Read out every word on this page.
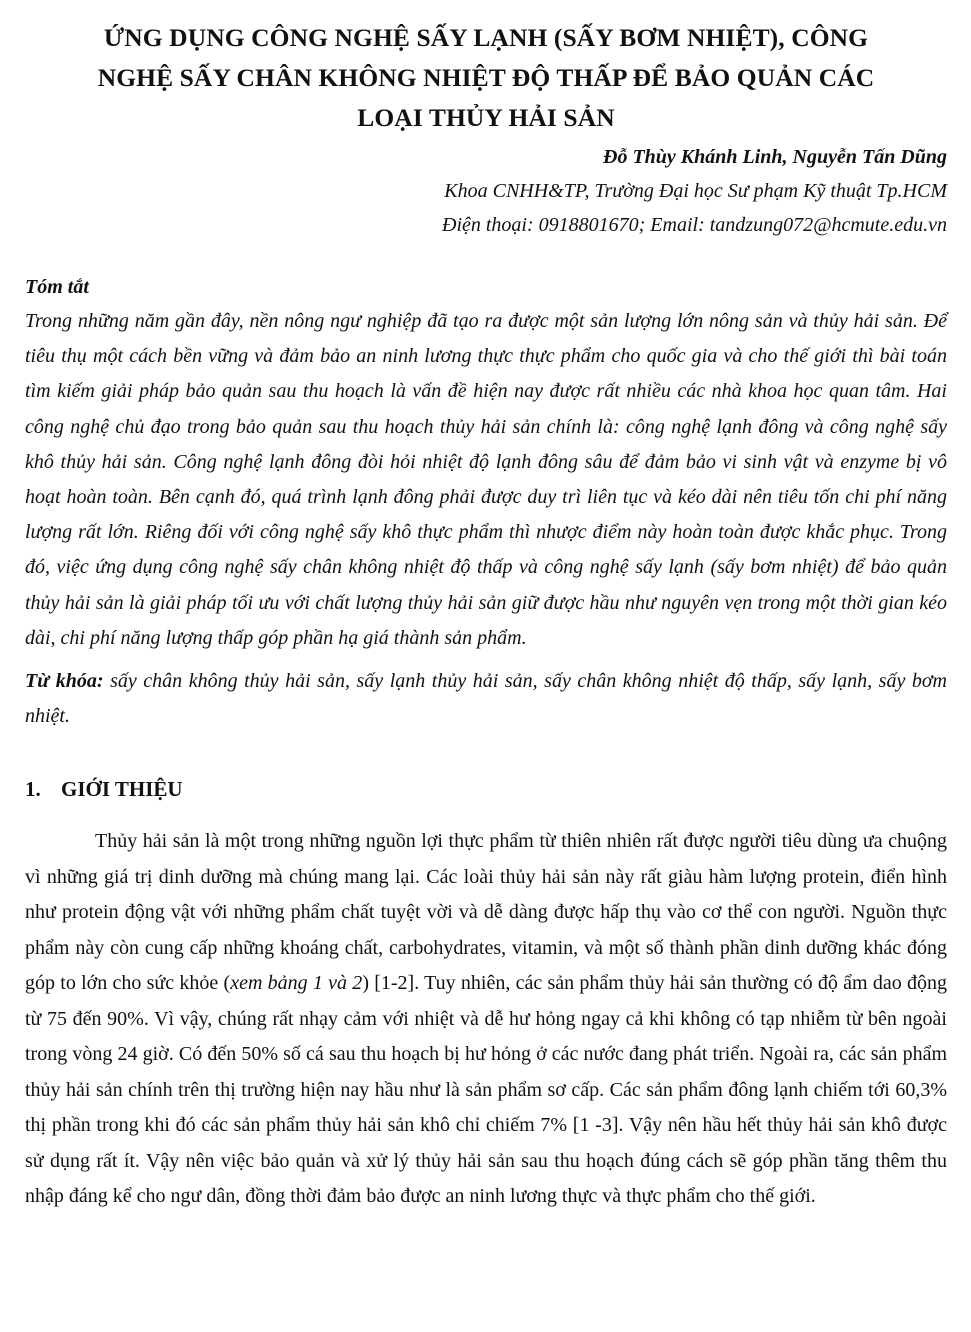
ỨNG DỤNG CÔNG NGHỆ SẤY LẠNH (SẤY BƠM NHIỆT), CÔNG

NGHỆ SẤY CHÂN KHÔNG NHIỆT ĐỘ THẤP ĐỂ BẢO QUẢN CÁC

LOẠI THỦY HẢI SẢN

Đỗ Thùy Khánh Linh, Nguyễn Tấn Dũng
Khoa CNHH&TP, Trường Đại học Sư phạm Kỹ thuật Tp.HCM
Điện thoại: 0918801670; Email: tandzung072@hcmute.edu.vn
Tóm tắt

Trong những năm gần đây, nền nông ngư nghiệp đã tạo ra được một sản lượng lớn nông sản và thủy hải sản. Để tiêu thụ một cách bền vững và đảm bảo an ninh lương thực thực phẩm cho quốc gia và cho thế giới thì bài toán tìm kiếm giải pháp bảo quản sau thu hoạch là vấn đề hiện nay được rất nhiều các nhà khoa học quan tâm. Hai công nghệ chủ đạo trong bảo quản sau thu hoạch thủy hải sản chính là: công nghệ lạnh đông và công nghệ sấy khô thủy hải sản. Công nghệ lạnh đông đòi hỏi nhiệt độ lạnh đông sâu để đảm bảo vi sinh vật và enzyme bị vô hoạt hoàn toàn. Bên cạnh đó, quá trình lạnh đông phải được duy trì liên tục và kéo dài nên tiêu tốn chi phí năng lượng rất lớn. Riêng đối với công nghệ sấy khô thực phẩm thì nhược điểm này hoàn toàn được khắc phục. Trong đó, việc ứng dụng công nghệ sấy chân không nhiệt độ thấp và công nghệ sấy lạnh (sấy bơm nhiệt) để bảo quản thủy hải sản là giải pháp tối ưu với chất lượng thủy hải sản giữ được hầu như nguyên vẹn trong một thời gian kéo dài, chi phí năng lượng thấp góp phần hạ giá thành sản phẩm.

Từ khóa: sấy chân không thủy hải sản, sấy lạnh thủy hải sản, sấy chân không nhiệt độ thấp, sấy lạnh, sấy bơm nhiệt.
1. GIỚI THIỆU

Thủy hải sản là một trong những nguồn lợi thực phẩm từ thiên nhiên rất được người tiêu dùng ưa chuộng vì những giá trị dinh dưỡng mà chúng mang lại. Các loài thủy hải sản này rất giàu hàm lượng protein, điển hình như protein động vật với những phẩm chất tuyệt vời và dễ dàng được hấp thụ vào cơ thể con người. Nguồn thực phẩm này còn cung cấp những khoáng chất, carbohydrates, vitamin, và một số thành phần dinh dưỡng khác đóng góp to lớn cho sức khỏe (xem bảng 1 và 2) [1-2]. Tuy nhiên, các sản phẩm thủy hải sản thường có độ ẩm dao động từ 75 đến 90%. Vì vậy, chúng rất nhạy cảm với nhiệt và dễ hư hỏng ngay cả khi không có tạp nhiễm từ bên ngoài trong vòng 24 giờ. Có đến 50% số cá sau thu hoạch bị hư hỏng ở các nước đang phát triển. Ngoài ra, các sản phẩm thủy hải sản chính trên thị trường hiện nay hầu như là sản phẩm sơ cấp. Các sản phẩm đông lạnh chiếm tới 60,3% thị phần trong khi đó các sản phẩm thủy hải sản khô chỉ chiếm 7% [1 -3]. Vậy nên hầu hết thủy hải sản khô được sử dụng rất ít. Vậy nên việc bảo quản và xử lý thủy hải sản sau thu hoạch đúng cách sẽ góp phần tăng thêm thu nhập đáng kể cho ngư dân, đồng thời đảm bảo được an ninh lương thực và thực phẩm cho thế giới.
